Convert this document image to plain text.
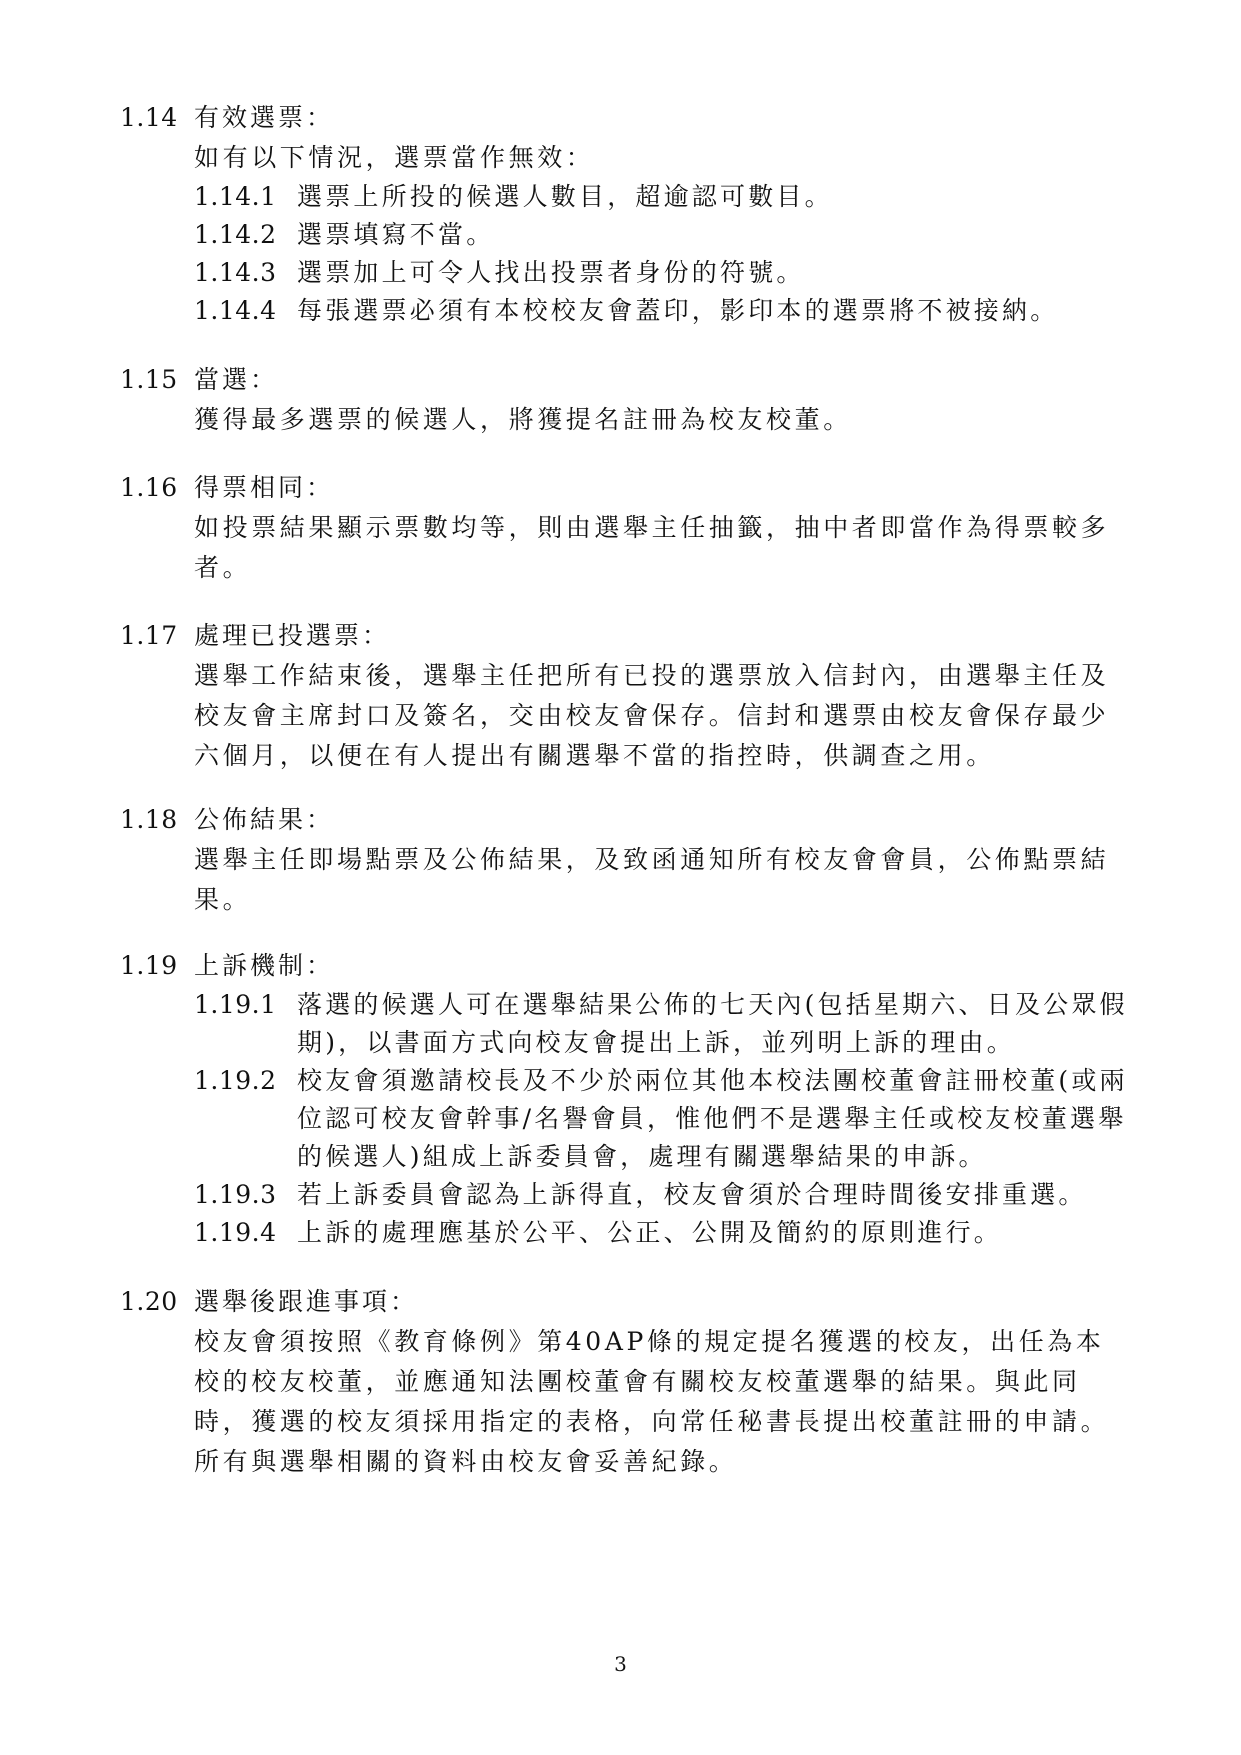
1.14 有效選票：

如有以下情況，選票當作無效：

1.14.1 選票上所投的候選人數目，超逾認可數目。
1.14.2 選票填寫不當。
1.14.3 選票加上可令人找出投票者身份的符號。
1.14.4 每張選票必須有本校校友會蓋印，影印本的選票將不被接納。
1.15 當選：

獲得最多選票的候選人，將獲提名註冊為校友校董。

1.16 得票相同：

如投票結果顯示票數均等，則由選舉主任抽籤，抽中者即當作為得票較多者。

1.17 處理已投選票：

選舉工作結束後，選舉主任把所有已投的選票放入信封內，由選舉主任及校友會主席封口及簽名，交由校友會保存。信封和選票由校友會保存最少六個月，以便在有人提出有關選舉不當的指控時，供調查之用。

1.18 公佈結果：

選舉主任即場點票及公佈結果，及致函通知所有校友會會員，公佈點票結果。

1.19 上訴機制：
1.19.1 落選的候選人可在選舉結果公佈的七天內(包括星期六、日及公眾假期)，以書面方式向校友會提出上訴，並列明上訴的理由。
1.19.2 校友會須邀請校長及不少於兩位其他本校法團校董會註冊校董(或兩位認可校友會幹事/名譽會員，惟他們不是選舉主任或校友校董選舉的候選人)組成上訴委員會，處理有關選舉結果的申訴。
1.19.3 若上訴委員會認為上訴得直，校友會須於合理時間後安排重選。
1.19.4 上訴的處理應基於公平、公正、公開及簡約的原則進行。
1.20 選舉後跟進事項：

校友會須按照《教育條例》第40AP條的規定提名獲選的校友，出任為本校的校友校董，並應通知法團校董會有關校友校董選舉的結果。與此同時，獲選的校友須採用指定的表格，向常任秘書長提出校董註冊的申請。所有與選舉相關的資料由校友會妥善紀錄。

3
